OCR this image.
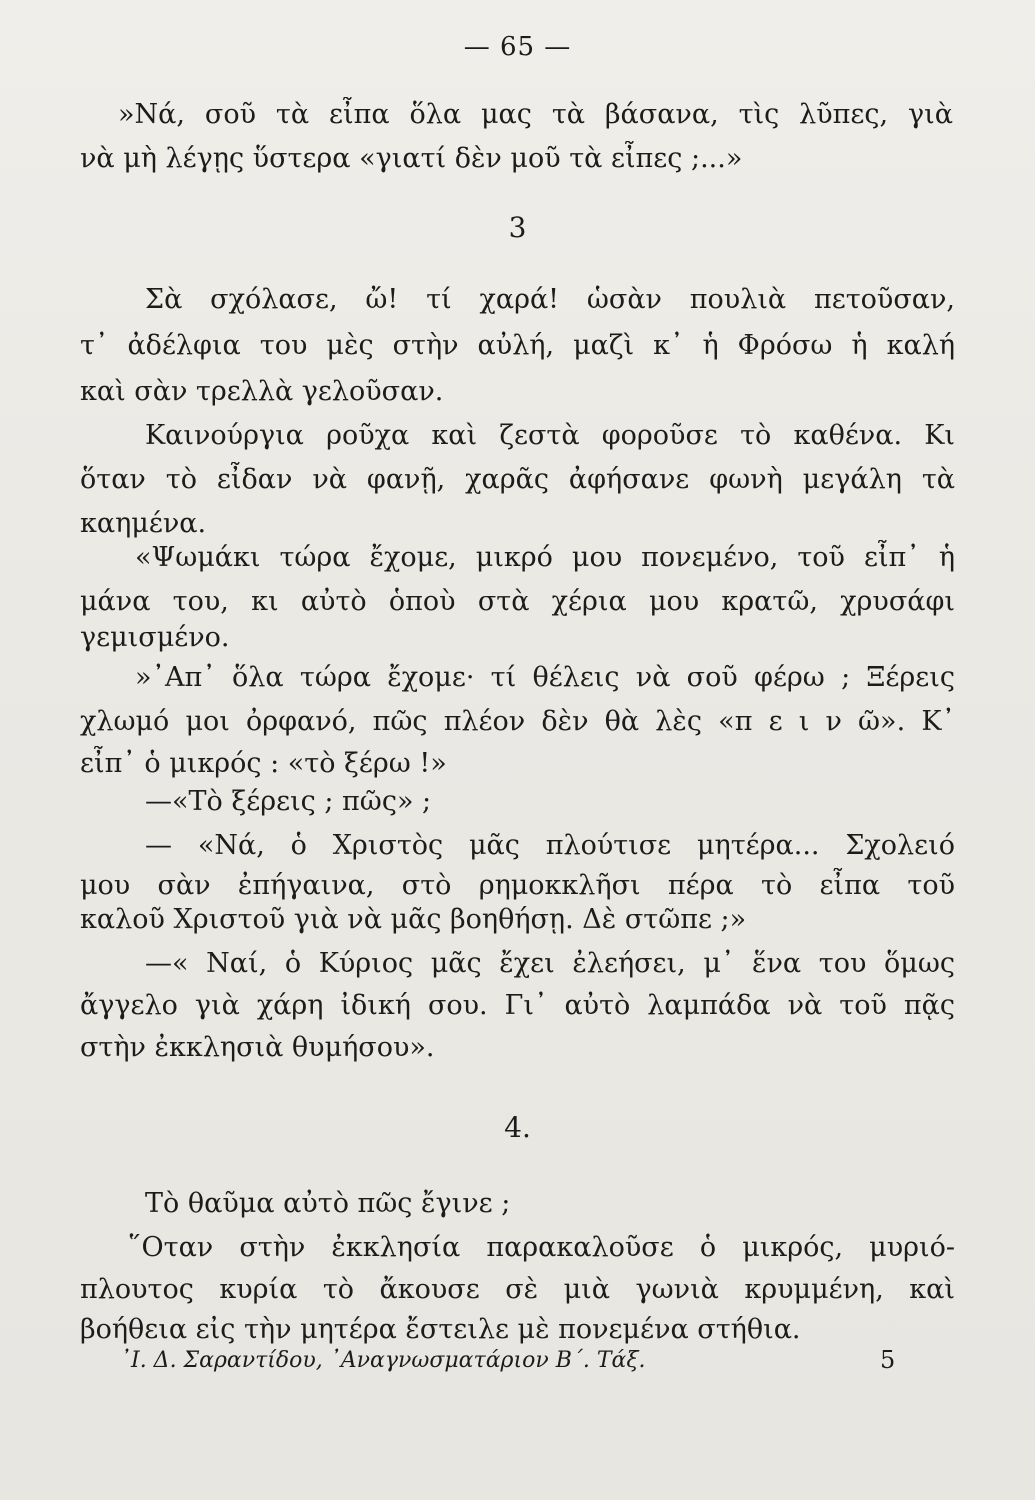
— 65 —
»Νά, σοῦ τὰ εἶπα ὅλα μας τὰ βάσανα, τὶς λῦπες, γιὰ
νὰ μὴ λέγῃς ὕστερα «γιατί δὲν μοῦ τὰ εἶπες ;...»
3
Σὰ σχόλασε, ὤ! τί χαρά! ὡσὰν πουλιὰ πετοῦσαν,
τ᾿ ἀδέλφια του μὲς στὴν αὐλή, μαζὶ κ᾿ ἡ Φρόσω ἡ καλή
καὶ σὰν τρελλὰ γελοῦσαν.
Καινούργια ροῦχα καὶ ζεστὰ φοροῦσε τὸ καθένα. Κι
ὅταν τὸ εἶδαν νὰ φανῇ, χαρᾶς ἀφήσανε φωνὴ μεγάλη τὰ
καημένα.
«Ψωμάκι τώρα ἔχομε, μικρό μου πονεμένο, τοῦ εἶπ᾿ ἡ
μάνα του, κι αὐτὸ ὁποὺ στὰ χέρια μου κρατῶ, χρυσάφι
γεμισμένο.
»᾿Απ᾿ ὅλα τώρα ἔχομε· τί θέλεις νὰ σοῦ φέρω ; Ξέρεις
χλωμό μοι ὀρφανό, πῶς πλέον δὲν θὰ λὲς «π ε ι ν ῶ». Κ᾿
εἶπ᾿ ὁ μικρός : «τὸ ξέρω !»
—«Τὸ ξέρεις ; πῶς» ;
— «Νά, ὁ Χριστὸς μᾶς πλούτισε μητέρα... Σχολειό
μου σὰν ἐπήγαινα, στὸ ρημοκκλῆσι πέρα τὸ εἶπα τοῦ
καλοῦ Χριστοῦ γιὰ νὰ μᾶς βοηθήσῃ. Δὲ στῶπε ;»
—« Ναί, ὁ Κύριος μᾶς ἔχει ἐλεήσει, μ᾿ ἕνα του ὅμως
ἄγγελο γιὰ χάρη ἰδική σου. Γι᾿ αὐτὸ λαμπάδα νὰ τοῦ πᾷς
στὴν ἐκκλησιὰ θυμήσου».
4.
Τὸ θαῦμα αὐτὸ πῶς ἔγινε ;
῞Οταν στὴν ἐκκλησία παρακαλοῦσε ὁ μικρός, μυριό-
πλουτος κυρία τὸ ἄκουσε σὲ μιὰ γωνιὰ κρυμμένη, καὶ
βοήθεια εἰς τὴν μητέρα ἔστειλε μὲ πονεμένα στήθια.
᾿Ι. Δ. Σαραντίδου, ᾿Αναγνωσματάριον Β΄. Τάξ.	5
